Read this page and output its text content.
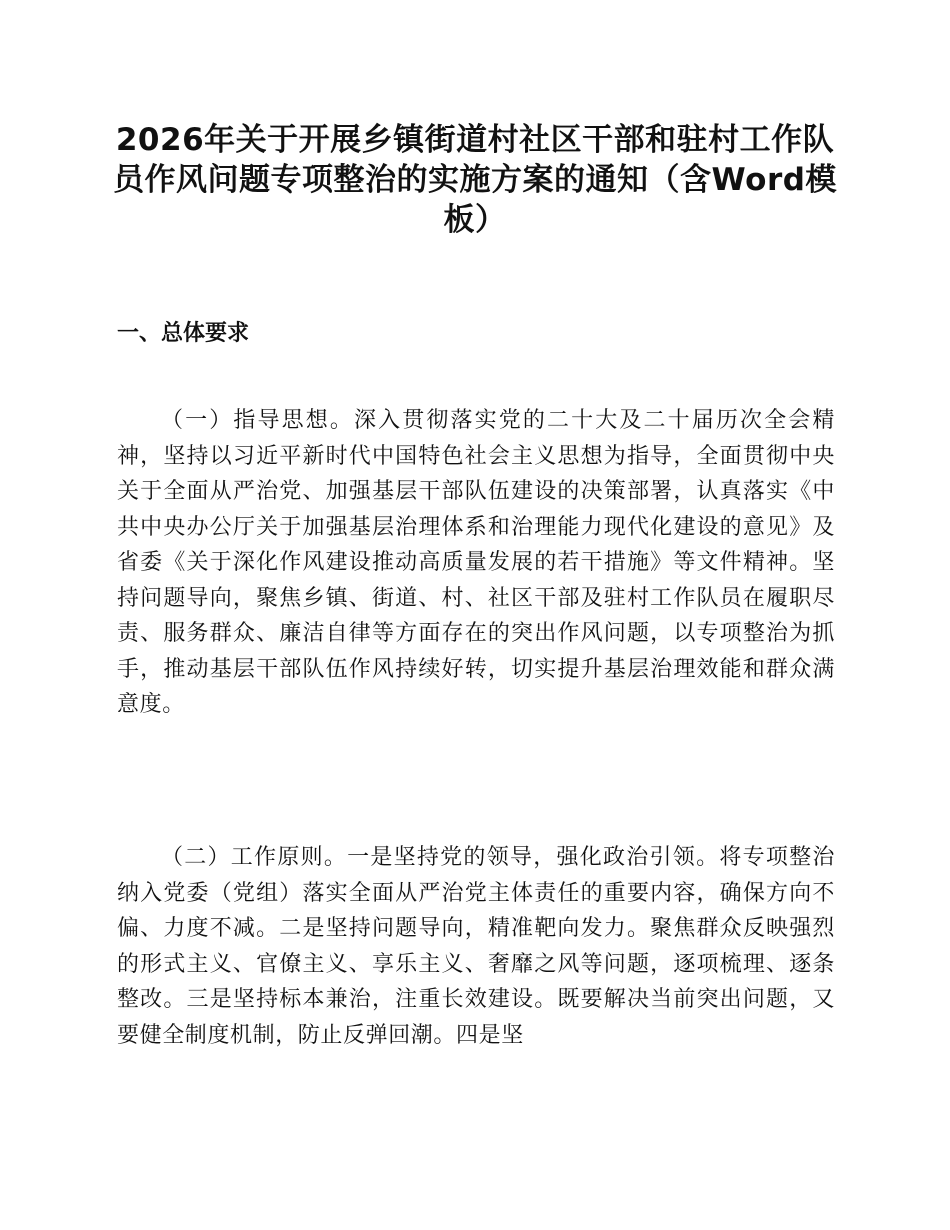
2026年关于开展乡镇街道村社区干部和驻村工作队员作风问题专项整治的实施方案的通知（含Word模板）
一、总体要求

（一）指导思想。深入贯彻落实党的二十大及二十届历次全会精神，坚持以习近平新时代中国特色社会主义思想为指导，全面贯彻中央关于全面从严治党、加强基层干部队伍建设的决策部署，认真落实《中共中央办公厅关于加强基层治理体系和治理能力现代化建设的意见》及省委《关于深化作风建设推动高质量发展的若干措施》等文件精神。坚持问题导向，聚焦乡镇、街道、村、社区干部及驻村工作队员在履职尽责、服务群众、廉洁自律等方面存在的突出作风问题，以专项整治为抓手，推动基层干部队伍作风持续好转，切实提升基层治理效能和群众满意度。

（二）工作原则。一是坚持党的领导，强化政治引领。将专项整治纳入党委（党组）落实全面从严治党主体责任的重要内容，确保方向不偏、力度不减。二是坚持问题导向，精准靶向发力。聚焦群众反映强烈的形式主义、官僚主义、享乐主义、奢靡之风等问题，逐项梳理、逐条整改。三是坚持标本兼治，注重长效建设。既要解决当前突出问题，又要健全制度机制，防止反弹回潮。四是坚
